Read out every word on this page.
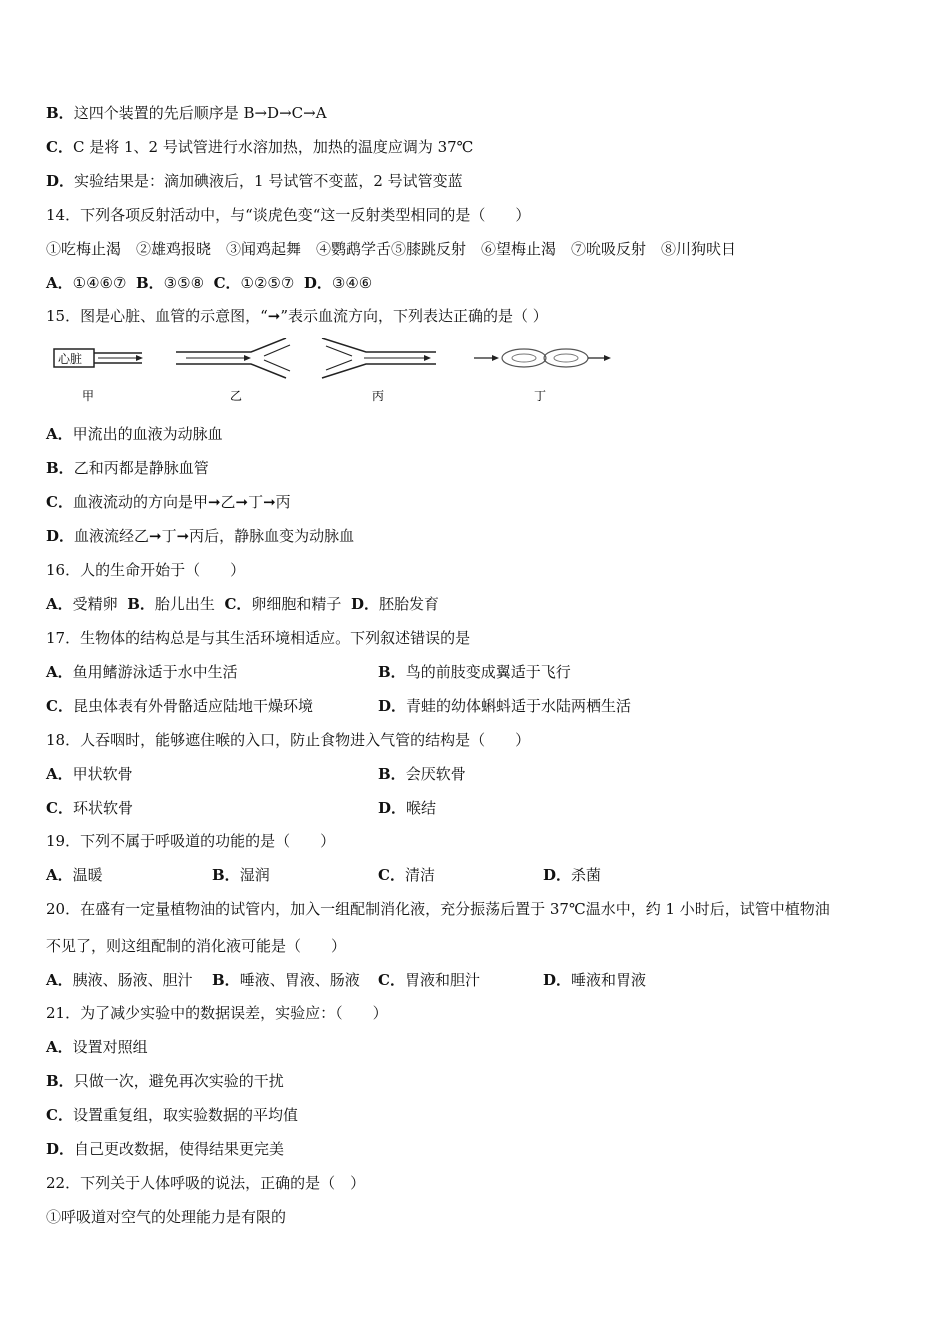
B．这四个装置的先后顺序是 B→D→C→A
C．C 是将 1、2 号试管进行水溶加热，加热的温度应调为 37℃
D．实验结果是：滴加碘液后，1 号试管不变蓝，2 号试管变蓝
14．下列各项反射活动中，与“谈虎色变“这一反射类型相同的是（　　）
①吃梅止渴　②雄鸡报晓　③闻鸡起舞　④鹦鹉学舌⑤膝跳反射　⑥望梅止渴　⑦吮吸反射　⑧川狗吠日
A．①④⑥⑦ B．③⑤⑧ C．①②⑤⑦ D．③④⑥
15．图是心脏、血管的示意图，“➞”表示血流方向，下列表达正确的是（ ）
心脏
甲	乙	丙	丁
A．甲流出的血液为动脉血
B．乙和丙都是静脉血管
C．血液流动的方向是甲➞乙➞丁➞丙
D．血液流经乙➞丁➞丙后，静脉血变为动脉血
16．人的生命开始于（　　）
A．受精卵 B．胎儿出生 C．卵细胞和精子 D．胚胎发育
17．生物体的结构总是与其生活环境相适应。下列叙述错误的是
A．鱼用鳍游泳适于水中生活	B．鸟的前肢变成翼适于飞行
C．昆虫体表有外骨骼适应陆地干燥环境	D．青蛙的幼体蝌蚪适于水陆两栖生活
18．人吞咽时，能够遮住喉的入口，防止食物进入气管的结构是（　　）
A．甲状软骨	B．会厌软骨
C．环状软骨	D．喉结
19．下列不属于呼吸道的功能的是（　　）
A．温暖	B．湿润	C．清洁	D．杀菌
20．在盛有一定量植物油的试管内，加入一组配制消化液，充分振荡后置于 37℃温水中，约 1 小时后，试管中植物油
不见了，则这组配制的消化液可能是（　　）
A．胰液、肠液、胆汁 B．唾液、胃液、肠液 C．胃液和胆汁	D．唾液和胃液
21．为了减少实验中的数据误差，实验应：（　　）
A．设置对照组
B．只做一次，避免再次实验的干扰
C．设置重复组，取实验数据的平均值
D．自己更改数据，使得结果更完美
22．下列关于人体呼吸的说法，正确的是（　）
①呼吸道对空气的处理能力是有限的
